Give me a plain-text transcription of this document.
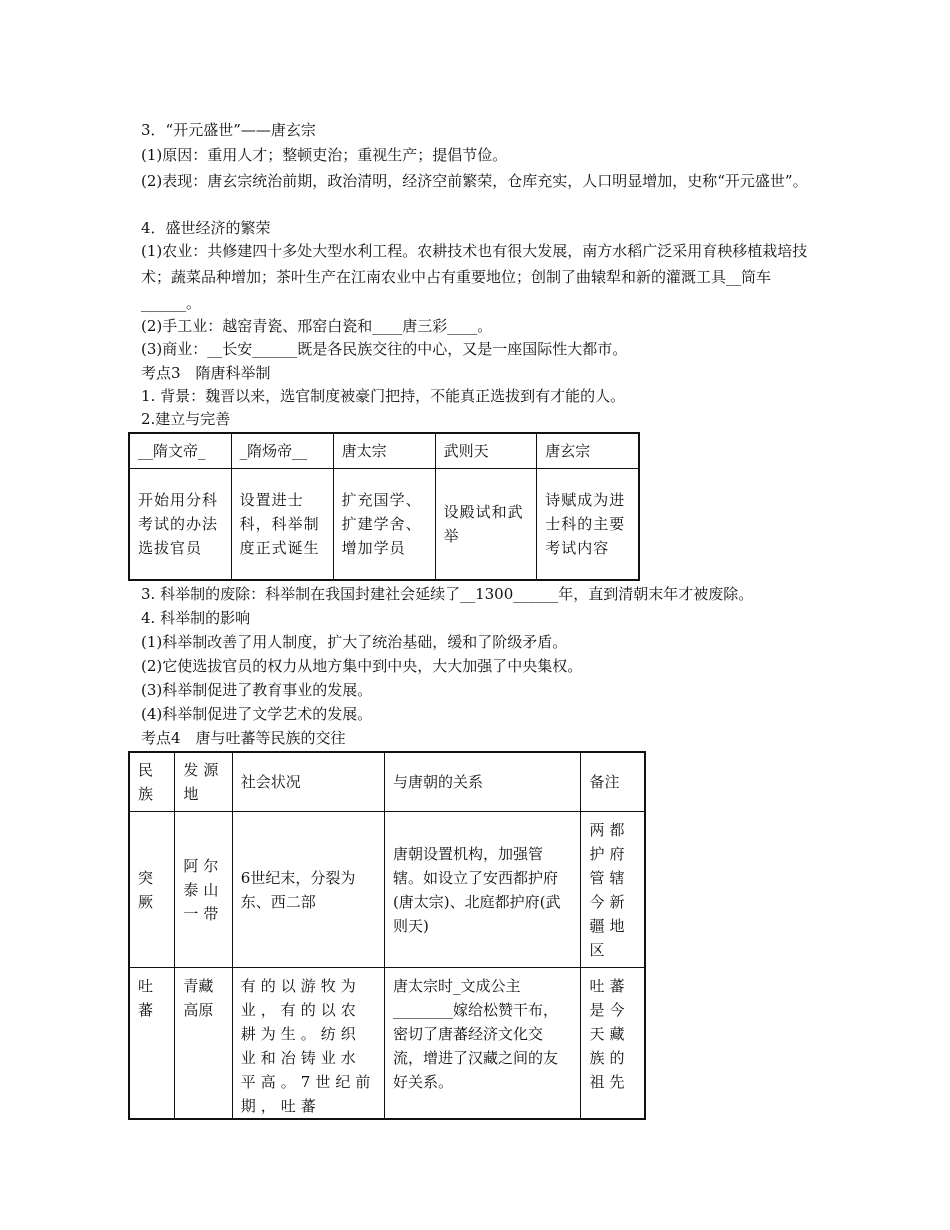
3．“开元盛世”——唐玄宗
(1)原因：重用人才；整顿吏治；重视生产；提倡节俭。
(2)表现：唐玄宗统治前期，政治清明，经济空前繁荣，仓库充实，人口明显增加，史称“开元盛世”。
4．盛世经济的繁荣
(1)农业：共修建四十多处大型水利工程。农耕技术也有很大发展，南方水稻广泛采用育秧移植栽培技术；蔬菜品种增加；茶叶生产在江南农业中占有重要地位；创制了曲辕犁和新的灌溉工具__筒车______。
(2)手工业：越窑青瓷、邢窑白瓷和____唐三彩____。
(3)商业：__长安______既是各民族交往的中心，又是一座国际性大都市。
考点3　隋唐科举制
1. 背景：魏晋以来，选官制度被豪门把持，不能真正选拔到有才能的人。
2.建立与完善
__隋文帝_	_隋炀帝__	唐太宗	武则天	唐玄宗
开始用分科考试的办法选拔官员	设置进士科，科举制度正式诞生	扩充国学、扩建学舍、增加学员	设殿试和武举	诗赋成为进士科的主要考试内容
3. 科举制的废除：科举制在我国封建社会延续了__1300______年，直到清朝末年才被废除。
4. 科举制的影响
(1)科举制改善了用人制度，扩大了统治基础，缓和了阶级矛盾。
(2)它使选拔官员的权力从地方集中到中央，大大加强了中央集权。
(3)科举制促进了教育事业的发展。
(4)科举制促进了文学艺术的发展。
考点4　唐与吐蕃等民族的交往
民族	发源地	社会状况	与唐朝的关系	备注
突厥	阿尔泰山一带	6世纪末，分裂为东、西二部	唐朝设置机构，加强管辖。如设立了安西都护府(唐太宗)、北庭都护府(武则天)	两都护府管辖今新疆地区
吐蕃	青藏高原	有的以游牧为业，有的以农耕为生。纺织业和冶铸业水平高。7世纪前期，吐蕃	唐太宗时_文成公主________嫁给松赞干布，密切了唐蕃经济文化交流，增进了汉藏之间的友好关系。	吐蕃是今天藏族的祖先
